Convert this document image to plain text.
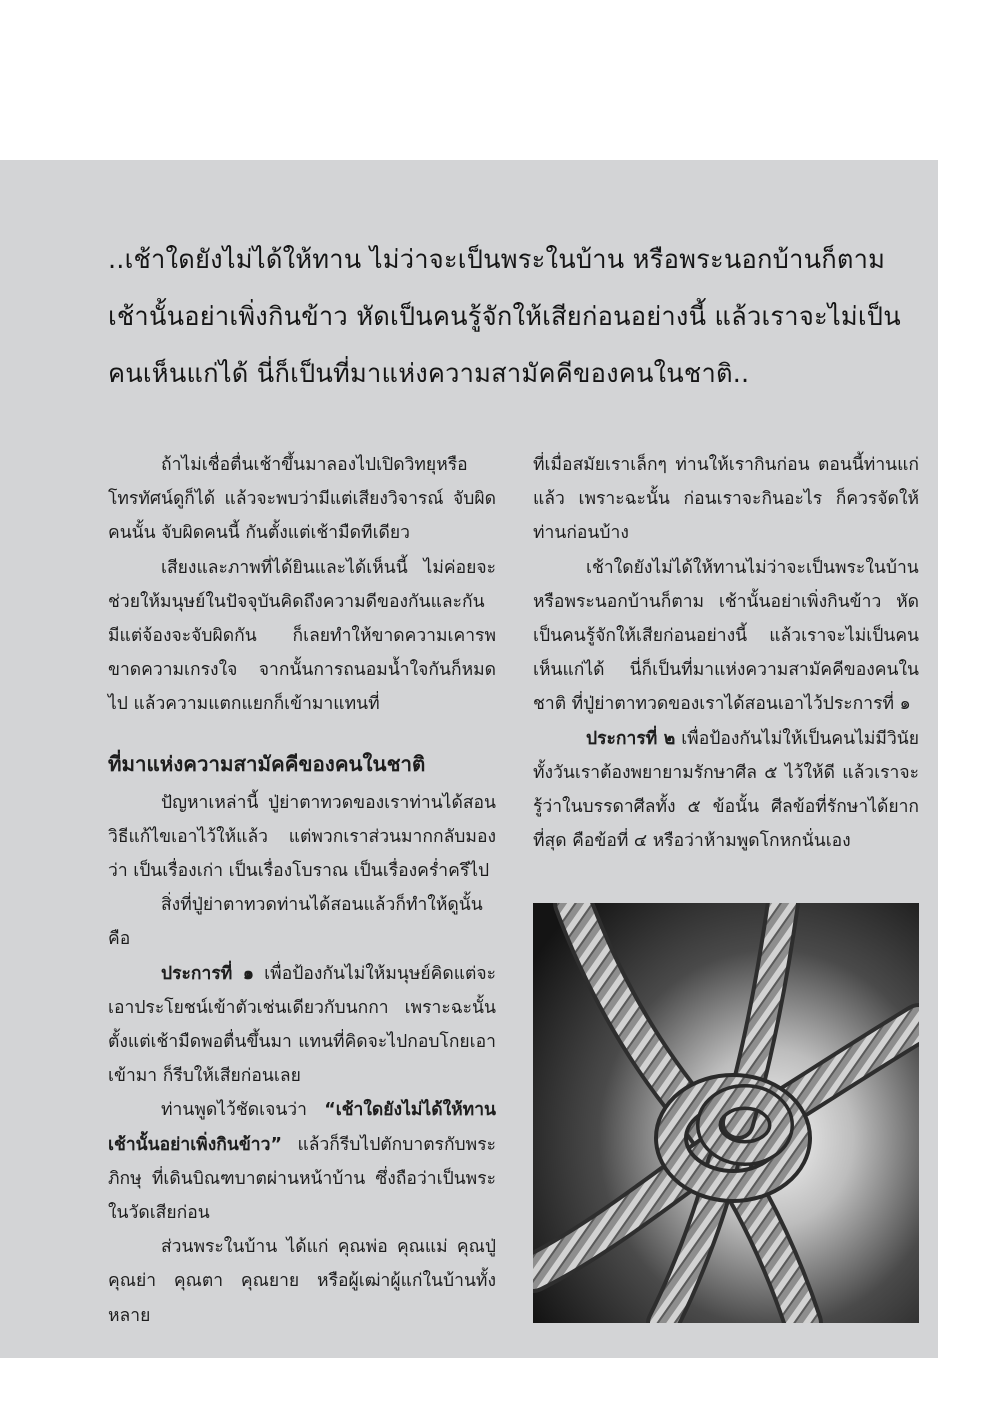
..เช้าใดยังไม่ได้ให้ทาน ไม่ว่าจะเป็นพระในบ้าน หรือพระนอกบ้านก็ตาม
เช้านั้นอย่าเพิ่งกินข้าว หัดเป็นคนรู้จักให้เสียก่อนอย่างนี้ แล้วเราจะไม่เป็น
คนเห็นแก่ได้ นี่ก็เป็นที่มาแห่งความสามัคคีของคนในชาติ..

ถ้าไม่เชื่อตื่นเช้าขึ้นมาลองไปเปิดวิทยุหรือโทรทัศน์ดูก็ได้ แล้วจะพบว่ามีแต่เสียงวิจารณ์ จับผิดคนนั้น จับผิดคนนี้ กันตั้งแต่เช้ามืดทีเดียว

เสียงและภาพที่ได้ยินและได้เห็นนี้ ไม่ค่อยจะช่วยให้มนุษย์ในปัจจุบันคิดถึงความดีของกันและกัน มีแต่จ้องจะจับผิดกัน ก็เลยทำให้ขาดความเคารพ ขาดความเกรงใจ จากนั้นการถนอมน้ำใจกันก็หมดไป แล้วความแตกแยกก็เข้ามาแทนที่

ที่มาแห่งความสามัคคีของคนในชาติ

ปัญหาเหล่านี้ ปู่ย่าตาทวดของเราท่านได้สอนวิธีแก้ไขเอาไว้ให้แล้ว แต่พวกเราส่วนมากกลับมองว่า เป็นเรื่องเก่า เป็นเรื่องโบราณ เป็นเรื่องคร่ำครึไป

สิ่งที่ปู่ย่าตาทวดท่านได้สอนแล้วก็ทำให้ดูนั้นคือ

ประการที่ ๑ เพื่อป้องกันไม่ให้มนุษย์คิดแต่จะเอาประโยชน์เข้าตัวเช่นเดียวกับนกกา เพราะฉะนั้น ตั้งแต่เช้ามืดพอตื่นขึ้นมา แทนที่คิดจะไปกอบโกยเอาเข้ามา ก็รีบให้เสียก่อนเลย

ท่านพูดไว้ชัดเจนว่า “เช้าใดยังไม่ได้ให้ทาน เช้านั้นอย่าเพิ่งกินข้าว” แล้วก็รีบไปตักบาตรกับพระภิกษุ ที่เดินบิณฑบาตผ่านหน้าบ้าน ซึ่งถือว่าเป็นพระในวัดเสียก่อน

ส่วนพระในบ้าน ได้แก่ คุณพ่อ คุณแม่ คุณปู่ คุณย่า คุณตา คุณยาย หรือผู้เฒ่าผู้แก่ในบ้านทั้งหลาย

ที่เมื่อสมัยเราเล็กๆ ท่านให้เรากินก่อน ตอนนี้ท่านแก่แล้ว เพราะฉะนั้น ก่อนเราจะกินอะไร ก็ควรจัดให้ท่านก่อนบ้าง

เช้าใดยังไม่ได้ให้ทานไม่ว่าจะเป็นพระในบ้านหรือพระนอกบ้านก็ตาม เช้านั้นอย่าเพิ่งกินข้าว หัดเป็นคนรู้จักให้เสียก่อนอย่างนี้ แล้วเราจะไม่เป็นคนเห็นแก่ได้ นี่ก็เป็นที่มาแห่งความสามัคคีของคนในชาติ ที่ปู่ย่าตาทวดของเราได้สอนเอาไว้ประการที่ ๑

ประการที่ ๒ เพื่อป้องกันไม่ให้เป็นคนไม่มีวินัย ทั้งวันเราต้องพยายามรักษาศีล ๕ ไว้ให้ดี แล้วเราจะรู้ว่าในบรรดาศีลทั้ง ๕ ข้อนั้น ศีลข้อที่รักษาได้ยากที่สุด คือข้อที่ ๔ หรือว่าห้ามพูดโกหกนั่นเอง
